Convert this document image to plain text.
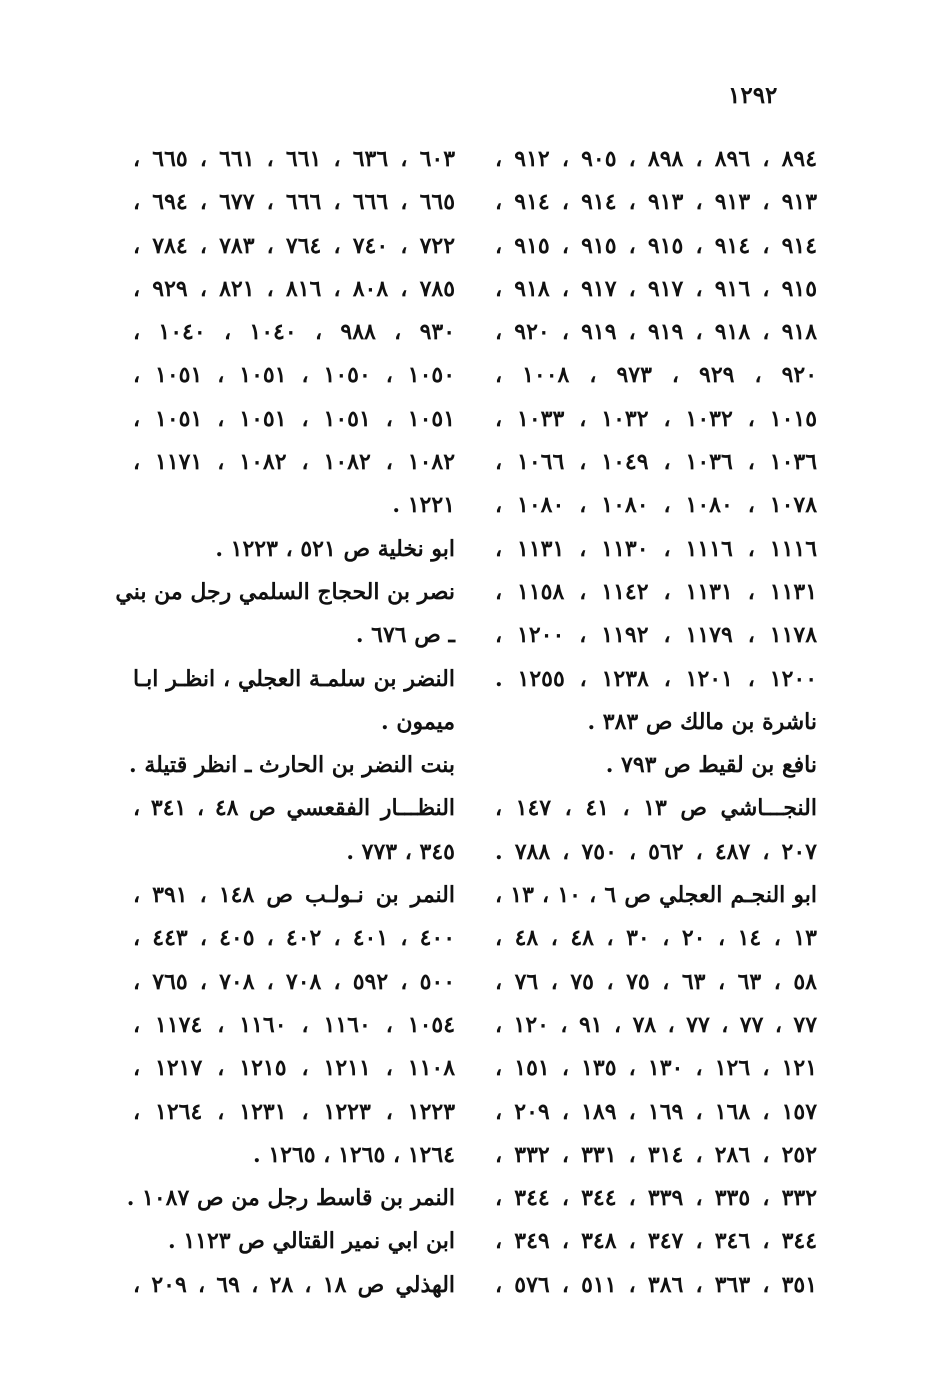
١٢٩٢
٨٩٤ ، ٨٩٦ ، ٨٩٨ ، ٩٠٥ ، ٩١٢ ،
٩١٣ ، ٩١٣ ، ٩١٣ ، ٩١٤ ، ٩١٤ ،
٩١٤ ، ٩١٤ ، ٩١٥ ، ٩١٥ ، ٩١٥ ،
٩١٥ ، ٩١٦ ، ٩١٧ ، ٩١٧ ، ٩١٨ ،
٩١٨ ، ٩١٨ ، ٩١٩ ، ٩١٩ ، ٩٢٠ ،
٩٢٠ ، ٩٢٩ ، ٩٧٣ ، ١٠٠٨ ،
١٠١٥ ، ١٠٣٢ ، ١٠٣٢ ، ١٠٣٣ ،
١٠٣٦ ، ١٠٣٦ ، ١٠٤٩ ، ١٠٦٦ ،
١٠٧٨ ، ١٠٨٠ ، ١٠٨٠ ، ١٠٨٠ ،
١١١٦ ، ١١١٦ ، ١١٣٠ ، ١١٣١ ،
١١٣١ ، ١١٣١ ، ١١٤٢ ، ١١٥٨ ،
١١٧٨ ، ١١٧٩ ، ١١٩٢ ، ١٢٠٠ ،
١٢٠٠ ، ١٢٠١ ، ١٢٣٨ ، ١٢٥٥ .
ناشرة بن مالك ص ٣٨٣ .
نافع بن لقيط ص ٧٩٣ .
النجـــاشي ص ١٣ ، ٤١ ، ١٤٧ ،
٢٠٧ ، ٤٨٧ ، ٥٦٢ ، ٧٥٠ ، ٧٨٨ .
ابو النجـم العجلي ص ٦ ، ١٠ ، ١٣ ،
١٣ ، ١٤ ، ٢٠ ، ٣٠ ، ٤٨ ، ٤٨ ،
٥٨ ، ٦٣ ، ٦٣ ، ٧٥ ، ٧٥ ، ٧٦ ،
٧٧ ، ٧٧ ، ٧٧ ، ٧٨ ، ٩١ ، ١٢٠ ،
١٢١ ، ١٢٦ ، ١٣٠ ، ١٣٥ ، ١٥١ ،
١٥٧ ، ١٦٨ ، ١٦٩ ، ١٨٩ ، ٢٠٩ ،
٢٥٢ ، ٢٨٦ ، ٣١٤ ، ٣٣١ ، ٣٣٢ ،
٣٣٢ ، ٣٣٥ ، ٣٣٩ ، ٣٤٤ ، ٣٤٤ ،
٣٤٤ ، ٣٤٦ ، ٣٤٧ ، ٣٤٨ ، ٣٤٩ ،
٣٥١ ، ٣٦٣ ، ٣٨٦ ، ٥١١ ، ٥٧٦ ،
٦٠٣ ، ٦٣٦ ، ٦٦١ ، ٦٦١ ، ٦٦٥ ،
٦٦٥ ، ٦٦٦ ، ٦٦٦ ، ٦٧٧ ، ٦٩٤ ،
٧٢٢ ، ٧٤٠ ، ٧٦٤ ، ٧٨٣ ، ٧٨٤ ،
٧٨٥ ، ٨٠٨ ، ٨١٦ ، ٨٢١ ، ٩٢٩ ،
٩٣٠ ، ٩٨٨ ، ١٠٤٠ ، ١٠٤٠ ،
١٠٥٠ ، ١٠٥٠ ، ١٠٥١ ، ١٠٥١ ،
١٠٥١ ، ١٠٥١ ، ١٠٥١ ، ١٠٥١ ،
١٠٨٢ ، ١٠٨٢ ، ١٠٨٢ ، ١١٧١ ،
١٢٢١ .
ابو نخلية ص ٥٢١ ، ١٢٢٣ .
نصر بن الحجاج السلمي رجل من بني
ـ ص ٦٧٦ .
النضر بن سلمـة العجلي ، انظـر ابـا
ميمون .
بنت النضر بن الحارث ـ انظر قتيلة .
النظـــار الفقعسي ص ٤٨ ، ٣٤١ ،
٣٤٥ ، ٧٧٣ .
النمر بن نـولـب ص ١٤٨ ، ٣٩١ ،
٤٠٠ ، ٤٠١ ، ٤٠٢ ، ٤٠٥ ، ٤٤٣ ،
٥٠٠ ، ٥٩٢ ، ٧٠٨ ، ٧٠٨ ، ٧٦٥ ،
١٠٥٤ ، ١١٦٠ ، ١١٦٠ ، ١١٧٤ ،
١١٠٨ ، ١٢١١ ، ١٢١٥ ، ١٢١٧ ،
١٢٢٣ ، ١٢٢٣ ، ١٢٣١ ، ١٢٦٤ ،
١٢٦٤ ، ١٢٦٥ ، ١٢٦٥ .
النمر بن قاسط رجل من ص ١٠٨٧ .
ابن ابي نمير القتالي ص ١١٢٣ .
الهذلي ص ١٨ ، ٢٨ ، ٦٩ ، ٢٠٩ ،
